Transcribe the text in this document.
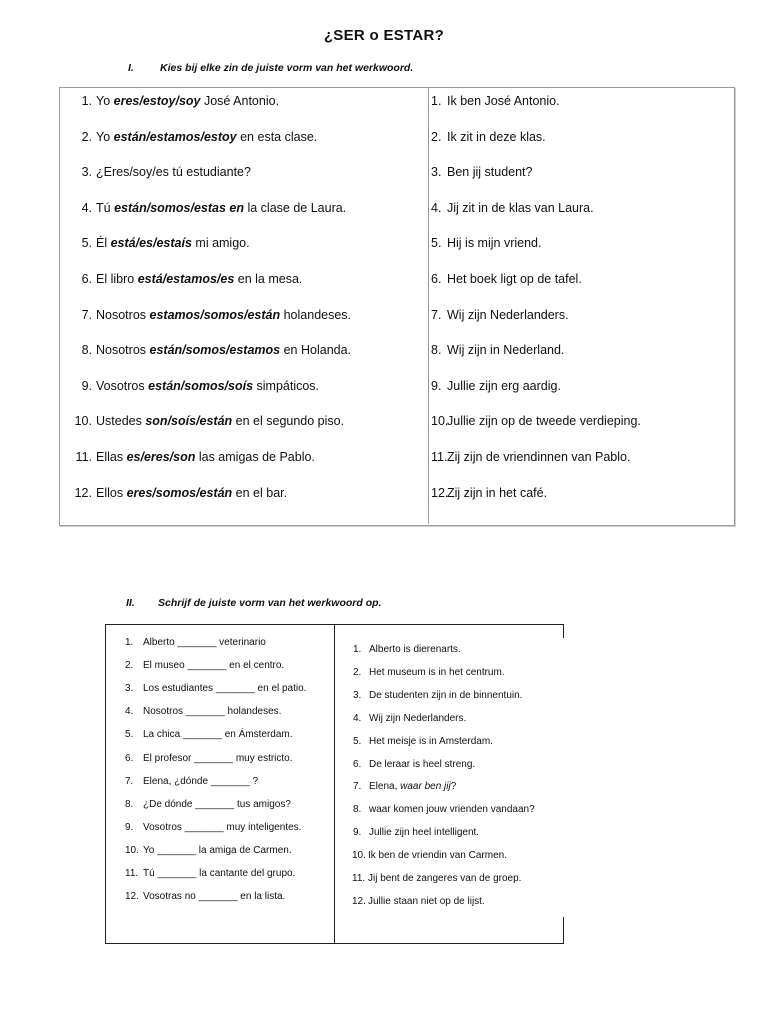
¿SER o ESTAR?
I. Kies bij elke zin de juiste vorm van het werkwoord.
1. Yo eres/estoy/soy José Antonio.
2. Yo están/estamos/estoy en esta clase.
3. ¿Eres/soy/es tú estudiante?
4. Tú están/somos/estas en la clase de Laura.
5. Él está/es/estaís mi amigo.
6. El libro está/estamos/es en la mesa.
7. Nosotros estamos/somos/están holandeses.
8. Nosotros están/somos/estamos en Holanda.
9. Vosotros están/somos/soís simpáticos.
10. Ustedes son/soís/están en el segundo piso.
11. Ellas es/eres/son las amigas de Pablo.
12. Ellos eres/somos/están en el bar.
1. Ik ben José Antonio.
2. Ik zit in deze klas.
3. Ben jij student?
4. Jij zit in de klas van Laura.
5. Hij is mijn vriend.
6. Het boek ligt op de tafel.
7. Wij zijn Nederlanders.
8. Wij zijn in Nederland.
9. Jullie zijn erg aardig.
10.Jullie zijn op de tweede verdieping.
11.Zij zijn de vriendinnen van Pablo.
12.Zij zijn in het café.
II. Schrijf de juiste vorm van het werkwoord op.
1. Alberto _______ veterinario
2. El museo _______ en el centro.
3. Los estudiantes _______ en el patio.
4. Nosotros _______ holandeses.
5. La chica _______ en Ámsterdam.
6. El profesor _______ muy estricto.
7. Elena, ¿dónde _______ ?
8. ¿De dónde _______ tus amigos?
9. Vosotros _______ muy inteligentes.
10. Yo _______ la amiga de Carmen.
11. Tú _______ la cantante del grupo.
12. Vosotras no _______ en la lista.
1. Alberto is dierenarts.
2. Het museum is in het centrum.
3. De studenten zijn in de binnentuin.
4. Wij zijn Nederlanders.
5. Het meisje is in Amsterdam.
6. De leraar is heel streng.
7. Elena, waar ben jij?
8. waar komen jouw vrienden vandaan?
9. Jullie zijn heel intelligent.
10. Ik ben de vriendin van Carmen.
11. Jij bent de zangeres van de groep.
12. Jullie staan niet op de lijst.
